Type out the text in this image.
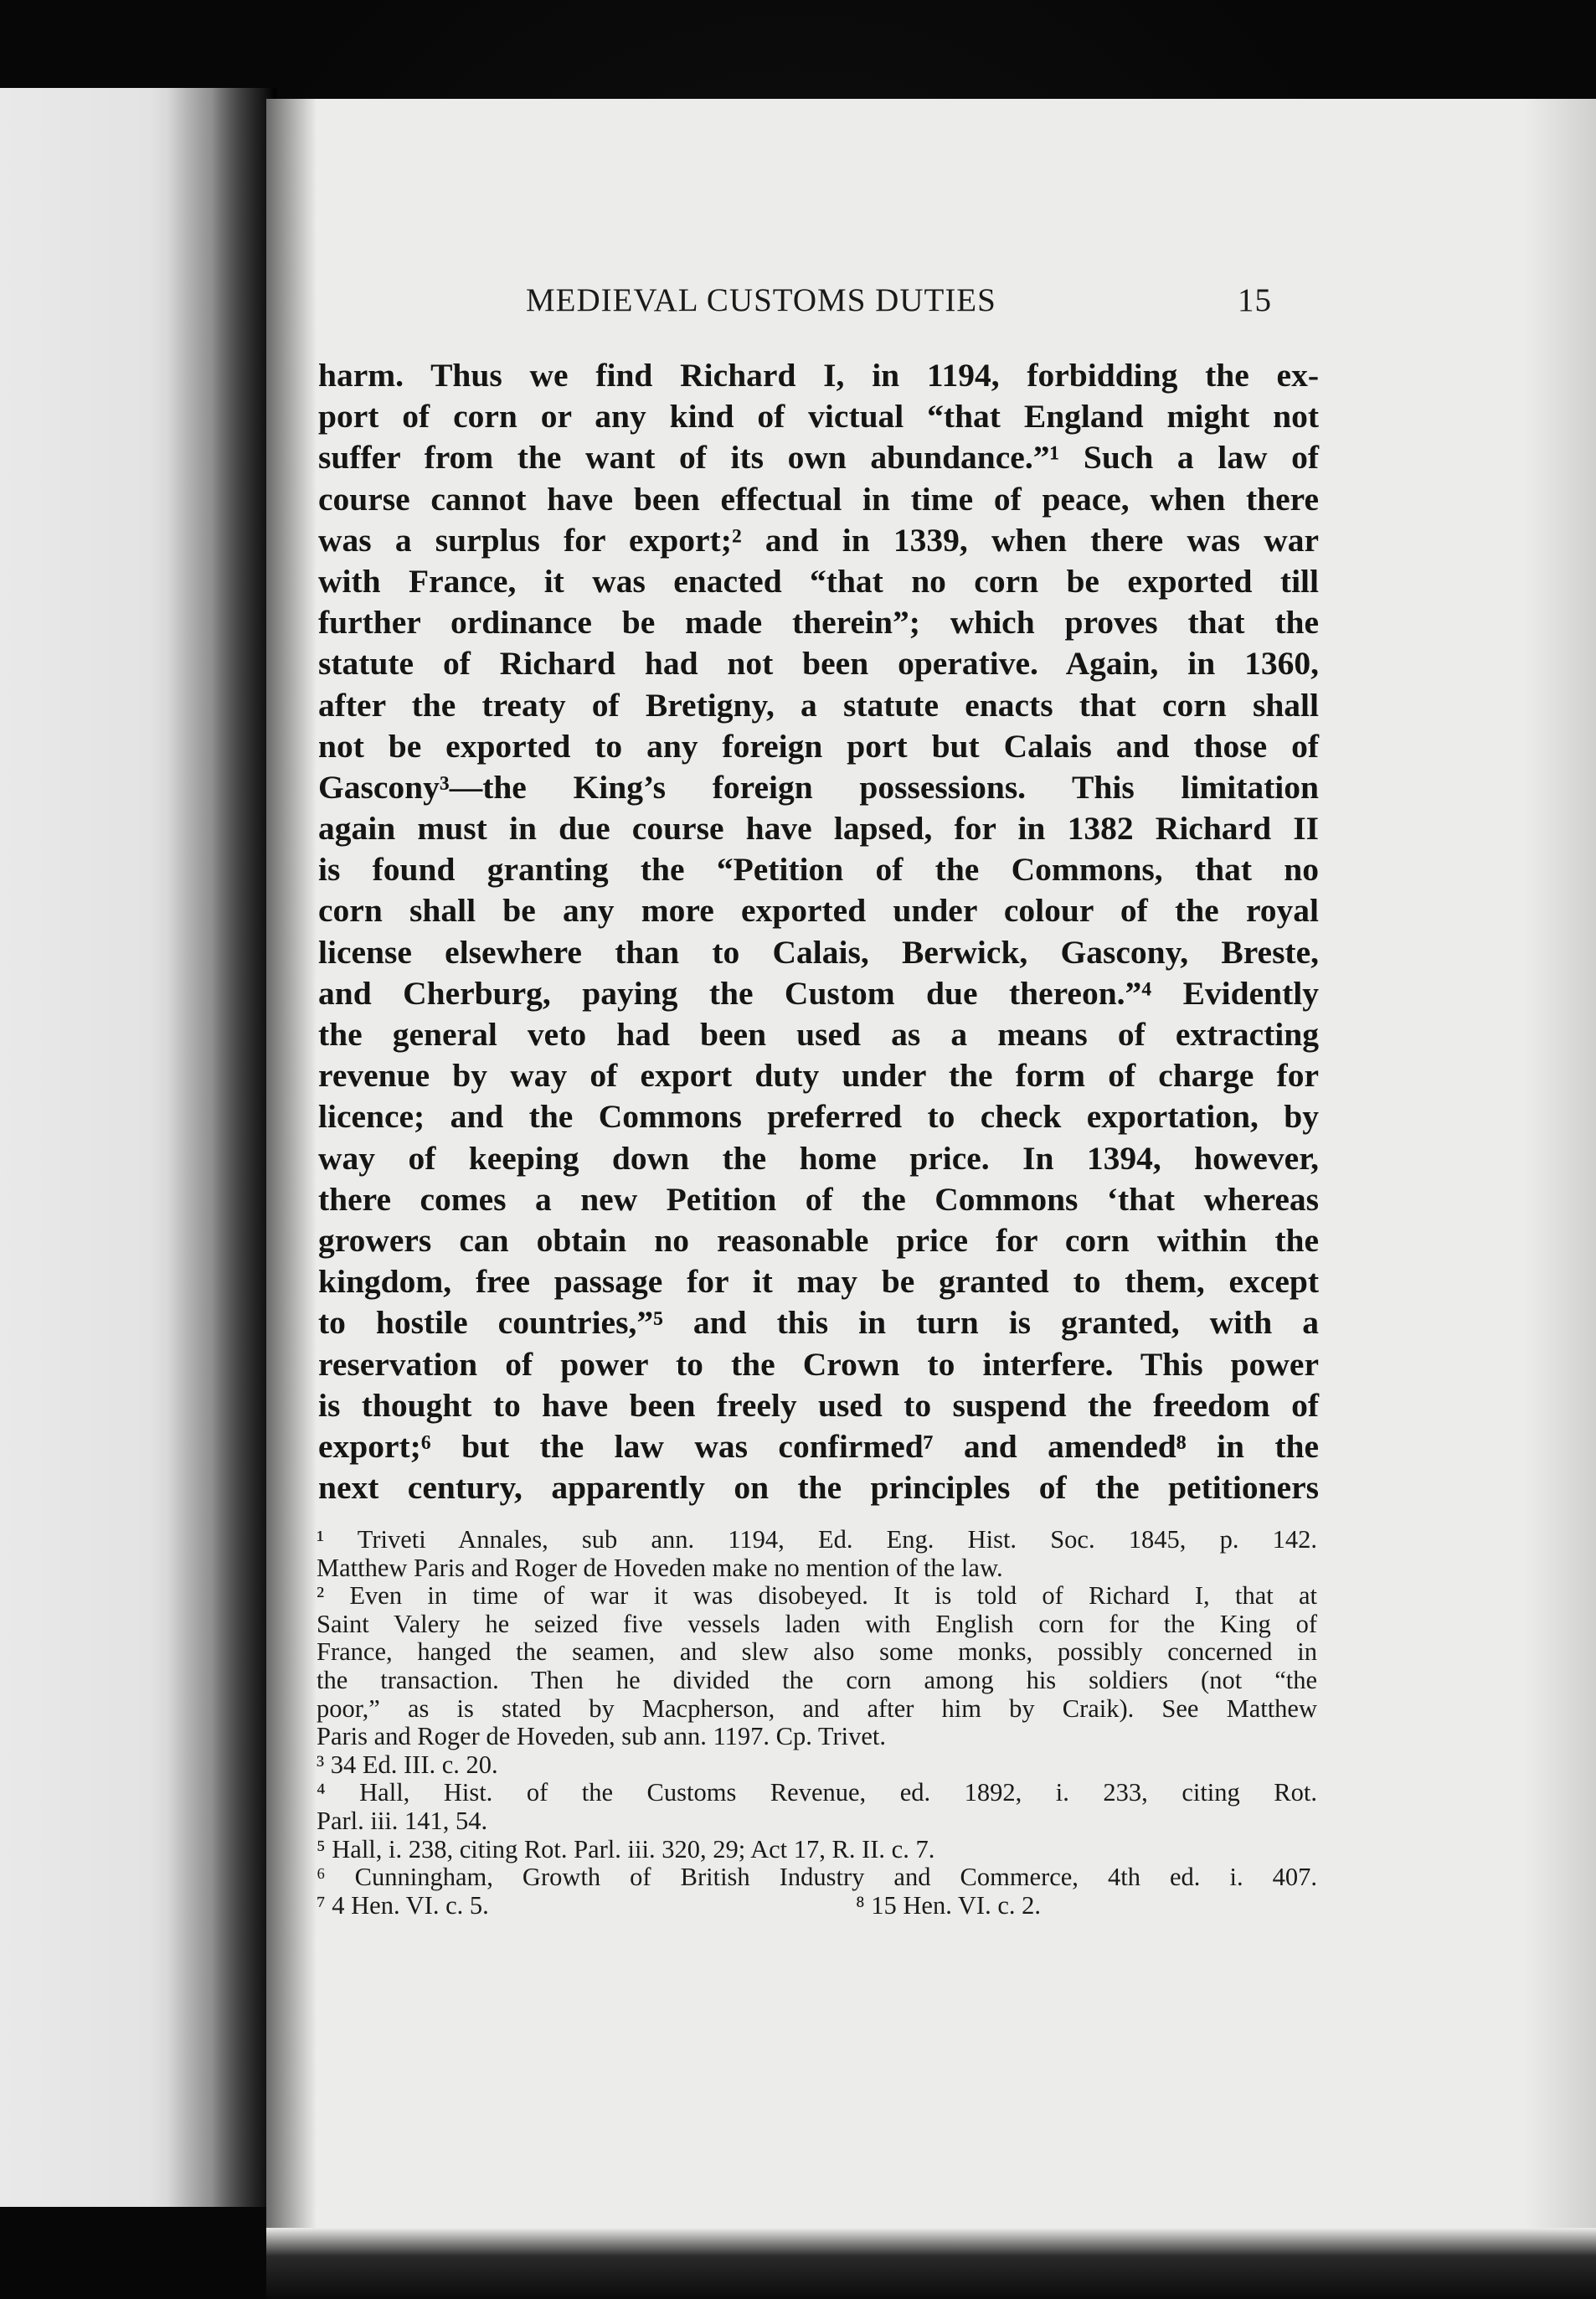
MEDIEVAL CUSTOMS DUTIES	15
harm. Thus we find Richard I, in 1194, forbidding the ex-
port of corn or any kind of victual “that England might not
suffer from the want of its own abundance.”¹ Such a law of
course cannot have been effectual in time of peace, when there
was a surplus for export;² and in 1339, when there was war
with France, it was enacted “that no corn be exported till
further ordinance be made therein”; which proves that the
statute of Richard had not been operative. Again, in 1360,
after the treaty of Bretigny, a statute enacts that corn shall
not be exported to any foreign port but Calais and those of
Gascony³—the King’s foreign possessions. This limitation
again must in due course have lapsed, for in 1382 Richard II
is found granting the “Petition of the Commons, that no
corn shall be any more exported under colour of the royal
license elsewhere than to Calais, Berwick, Gascony, Breste,
and Cherburg, paying the Custom due thereon.”⁴ Evidently
the general veto had been used as a means of extracting
revenue by way of export duty under the form of charge for
licence; and the Commons preferred to check exportation, by
way of keeping down the home price. In 1394, however,
there comes a new Petition of the Commons ‘that whereas
growers can obtain no reasonable price for corn within the
kingdom, free passage for it may be granted to them, except
to hostile countries,”⁵ and this in turn is granted, with a
reservation of power to the Crown to interfere. This power
is thought to have been freely used to suspend the freedom of
export;⁶ but the law was confirmed⁷ and amended⁸ in the
next century, apparently on the principles of the petitioners
¹ Triveti Annales, sub ann. 1194, Ed. Eng. Hist. Soc. 1845, p. 142.
Matthew Paris and Roger de Hoveden make no mention of the law.
² Even in time of war it was disobeyed. It is told of Richard I, that at
Saint Valery he seized five vessels laden with English corn for the King of
France, hanged the seamen, and slew also some monks, possibly concerned in
the transaction. Then he divided the corn among his soldiers (not “the
poor,” as is stated by Macpherson, and after him by Craik). See Matthew
Paris and Roger de Hoveden, sub ann. 1197. Cp. Trivet.
³ 34 Ed. III. c. 20.
⁴ Hall, Hist. of the Customs Revenue, ed. 1892, i. 233, citing Rot.
Parl. iii. 141, 54.
⁵ Hall, i. 238, citing Rot. Parl. iii. 320, 29; Act 17, R. II. c. 7.
⁶ Cunningham, Growth of British Industry and Commerce, 4th ed. i. 407.
⁷ 4 Hen. VI. c. 5.	⁸ 15 Hen. VI. c. 2.
